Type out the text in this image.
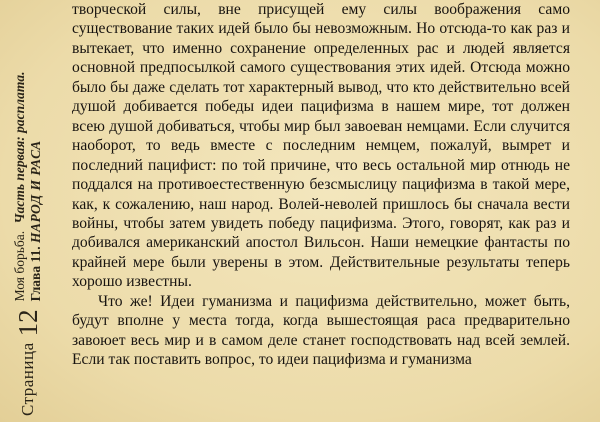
Страница
12
Моя борьба. Часть первая: расплата.
Глава 11. НАРОД И РАСА

творческой силы, вне присущей ему силы воображения само существование таких идей было бы невозможным. Но отсюда-то как раз и вытекает, что именно сохранение определенных рас и людей является основной предпосылкой самого существования этих идей. Отсюда можно было бы даже сделать тот характерный вывод, что кто действительно всей душой добивается победы идеи пацифизма в нашем мире, тот должен всею душой добиваться, чтобы мир был завоеван немцами. Если случится наоборот, то ведь вместе с последним немцем, пожалуй, вымрет и последний пацифист: по той причине, что весь остальной мир отнюдь не поддался на противоестественную безсмыслицу пацифизма в такой мере, как, к сожалению, наш народ. Волей-неволей пришлось бы сначала вести войны, чтобы затем увидеть победу пацифизма. Этого, говорят, как раз и добивался американский апостол Вильсон. Наши немецкие фантасты по крайней мере были уверены в этом. Действительные результаты теперь хорошо известны.

Что же! Идеи гуманизма и пацифизма действительно, может быть, будут вполне у места тогда, когда вышестоящая раса предварительно завоюет весь мир и в самом деле станет господствовать над всей землей. Если так поставить вопрос, то идеи пацифизма и гуманизма
